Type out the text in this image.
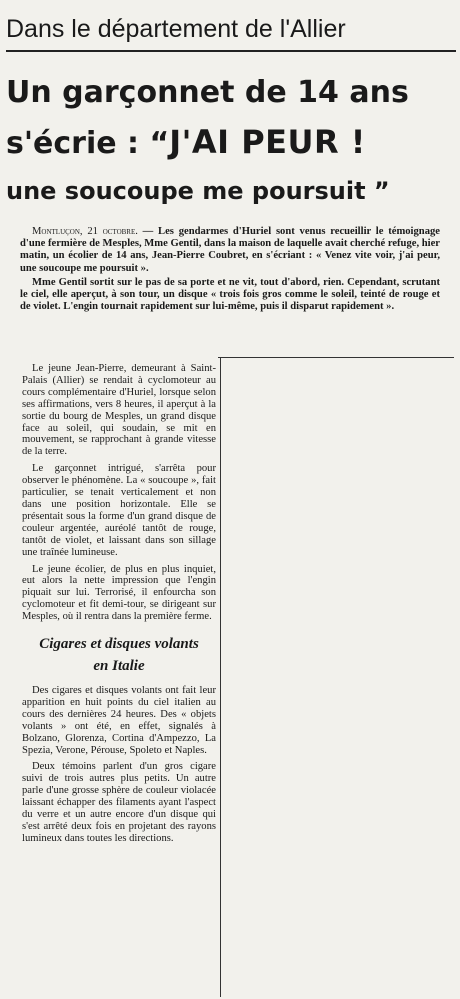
Dans le département de l'Allier
Un garçonnet de 14 ans
s'écrie : “J'AI PEUR !
une soucoupe me poursuit ”

Montluçon, 21 octobre. — Les gendarmes d'Huriel sont venus recueillir le témoignage d'une fermière de Mesples, Mme Gentil, dans la maison de laquelle avait cherché refuge, hier matin, un écolier de 14 ans, Jean-Pierre Coubret, en s'écriant : « Venez vite voir, j'ai peur, une soucoupe me poursuit ».

Mme Gentil sortit sur le pas de sa porte et ne vit, tout d'abord, rien. Cependant, scrutant le ciel, elle aperçut, à son tour, un disque « trois fois gros comme le soleil, teinté de rouge et de violet. L'engin tournait rapidement sur lui-même, puis il disparut rapidement ».

Le jeune Jean-Pierre, demeurant à Saint-Palais (Allier) se rendait à cyclomoteur au cours complémentaire d'Huriel, lorsque selon ses affirmations, vers 8 heures, il aperçut à la sortie du bourg de Mesples, un grand disque face au soleil, qui soudain, se mit en mouvement, se rapprochant à grande vitesse de la terre.

Le garçonnet intrigué, s'arrêta pour observer le phénomène. La « soucoupe », fait particulier, se tenait verticalement et non dans une position horizontale. Elle se présentait sous la forme d'un grand disque de couleur argentée, auréolé tantôt de rouge, tantôt de violet, et laissant dans son sillage une traînée lumineuse.

Le jeune écolier, de plus en plus inquiet, eut alors la nette impression que l'engin piquait sur lui. Terrorisé, il enfourcha son cyclomoteur et fit demi-tour, se dirigeant sur Mesples, où il rentra dans la première ferme.

Cigares et disques volants
en Italie

Des cigares et disques volants ont fait leur apparition en huit points du ciel italien au cours des dernières 24 heures. Des « objets volants » ont été, en effet, signalés à Bolzano, Glorenza, Cortina d'Ampezzo, La Spezia, Verone, Pérouse, Spoleto et Naples.

Deux témoins parlent d'un gros cigare suivi de trois autres plus petits. Un autre parle d'une grosse sphère de couleur violacée laissant échapper des filaments ayant l'aspect du verre et un autre encore d'un disque qui s'est arrêté deux fois en projetant des rayons lumineux dans toutes les directions.
